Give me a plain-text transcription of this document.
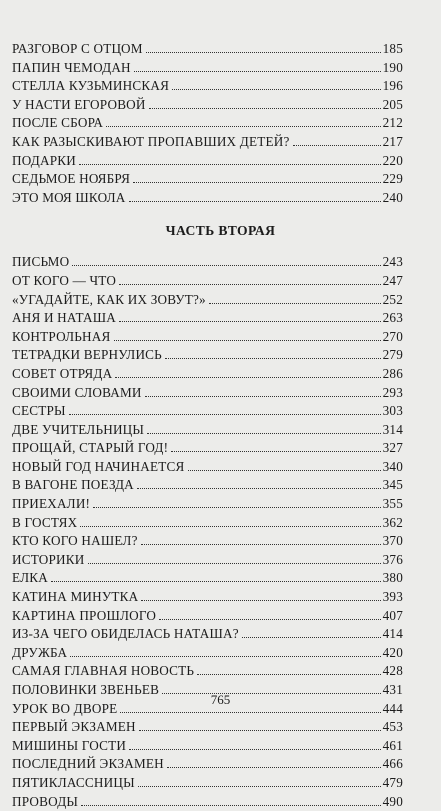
РАЗГОВОР С ОТЦОМ	185
ПАПИН ЧЕМОДАН	190
СТЕЛЛА КУЗЬМИНСКАЯ	196
У НАСТИ ЕГОРОВОЙ	205
ПОСЛЕ СБОРА	212
КАК РАЗЫСКИВАЮТ ПРОПАВШИХ ДЕТЕЙ?	217
ПОДАРКИ	220
СЕДЬМОЕ НОЯБРЯ	229
ЭТО МОЯ ШКОЛА	240
ЧАСТЬ ВТОРАЯ
ПИСЬМО	243
ОТ КОГО — ЧТО	247
«УГАДАЙТЕ, КАК ИХ ЗОВУТ?»	252
АНЯ И НАТАША	263
КОНТРОЛЬНАЯ	270
ТЕТРАДКИ ВЕРНУЛИСЬ	279
СОВЕТ ОТРЯДА	286
СВОИМИ СЛОВАМИ	293
СЕСТРЫ	303
ДВЕ УЧИТЕЛЬНИЦЫ	314
ПРОЩАЙ, СТАРЫЙ ГОД!	327
НОВЫЙ ГОД НАЧИНАЕТСЯ	340
В ВАГОНЕ ПОЕЗДА	345
ПРИЕХАЛИ!	355
В ГОСТЯХ	362
КТО КОГО НАШЕЛ?	370
ИСТОРИКИ	376
ЕЛКА	380
КАТИНА МИНУТКА	393
КАРТИНА ПРОШЛОГО	407
ИЗ-ЗА ЧЕГО ОБИДЕЛАСЬ НАТАША?	414
ДРУЖБА	420
САМАЯ ГЛАВНАЯ НОВОСТЬ	428
ПОЛОВИНКИ ЗВЕНЬЕВ	431
УРОК ВО ДВОРЕ	444
ПЕРВЫЙ ЭКЗАМЕН	453
МИШИНЫ ГОСТИ	461
ПОСЛЕДНИЙ ЭКЗАМЕН	466
ПЯТИКЛАССНИЦЫ	479
ПРОВОДЫ	490
765
